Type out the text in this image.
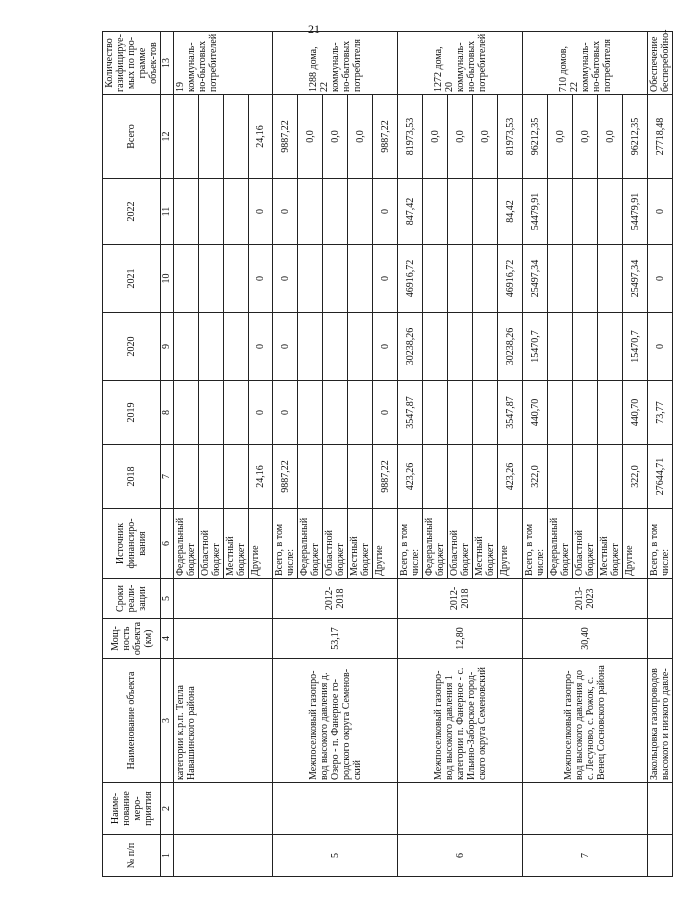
21
№ п/п	Наиме-нование меро-приятия	Наименование объекта	Мощ-ность объекта (км)	Сроки реали-зации	Источник финансиро-вания	2018	2019	2020	2021	2022	Всего	Количество газифицируе-мых по про-грамме объек-тов
1	2	3	4	5	6	7	8	9	10	11	12	13
		категории к.р.п. Тепла Навашинского района			Федеральный бюджет							19 коммуналь-но-бытовых потребителей
					Областной бюджет							
					Местный бюджет							
					Другие	24,16	0	0	0	0	24,16	
5		Межпоселковый газопро-вод высокого давления д. Озеро - п. Фанерное го-родского округа Семенов-ский	53,17	2012-2018	Всего, в том числе:	9887,22	0	0	0	0	9887,22	1288 дома, 22 коммуналь-но-бытовых потребителя
					Федеральный бюджет						0,0	
					Областной бюджет						0,0	
					Местный бюджет						0,0	
					Другие	9887,22	0	0	0	0	9887,22	
6		Межпоселковый газопро-вод высокого давления 1 категории п. Фанерное - с. Ильино-Заборское город-ского округа Семеновский	12,80	2012-2018	Всего, в том числе:	423,26	3547,87	30238,26	46916,72	847,42	81973,53	1272 дома, 20 коммуналь-но-бытовых потребителей
					Федеральный бюджет						0,0	
					Областной бюджет						0,0	
					Местный бюджет						0,0	
					Другие	423,26	3547,87	30238,26	46916,72	84,42	81973,53	
7		Межпоселковый газопро-вод высокого давления до с. Лесуново, с. Рожок, с. Венец Сосновского района	30,40	2013-2023	Всего, в том числе:	322,0	440,70	15470,7	25497,34	54479,91	96212,35	710 домов, 22 коммуналь-но-бытовых потребителя
					Федеральный бюджет						0,0	
					Областной бюджет						0,0	
					Местный бюджет						0,0	
					Другие	322,0	440,70	15470,7	25497,34	54479,91	96212,35	
		Закольцовка газопроводов высокого и низкого давле-			Всего, в том числе:	27644,71	73,77	0	0	0	27718,48	Обеспечение бесперебойно-
